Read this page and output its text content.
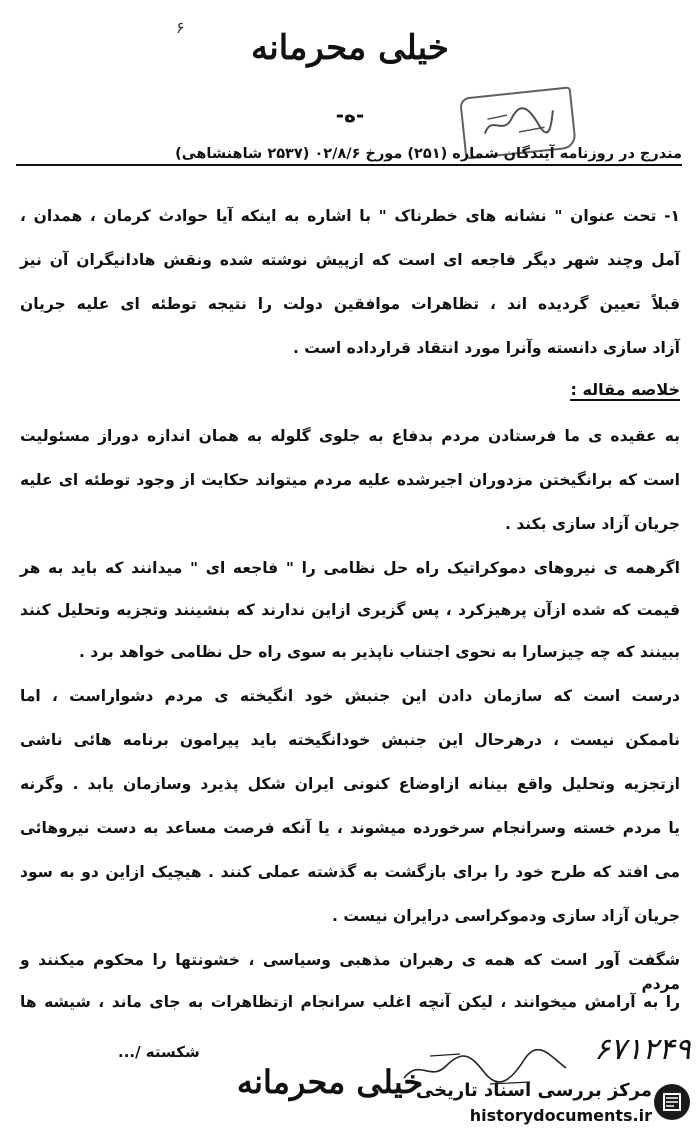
۶
خیلی محرمانه
-ه-
مندرج در روزنامه آیندگان شماره (۲۵۱) مورخ ۰۲/۸/۶ (۲۵۳۷ شاهنشاهی)
۱- تحت عنوان " نشانه های خطرناک " با اشاره به اینکه آیا حوادث کرمان ، همدان ،
آمل وچند شهر دیگر فاجعه ای است که ازپیش نوشته شده ونقش هادانیگران آن نیز
قبلاً تعیین گردیده اند ، تظاهرات موافقین دولت را نتیجه توطئه ای علیه جریان
آزاد سازی دانسته وآنرا مورد انتقاد قرارداده است .
خلاصه مقاله :
به عقیده ی ما فرستادن مردم بدفاع به جلوی گلوله به همان اندازه دوراز مسئولیت
است که برانگیختن مزدوران اجیرشده علیه مردم میتواند حکایت از وجود توطئه ای علیه
جریان آزاد سازی بکند .
اگرهمه ی نیروهای دموکراتیک راه حل نظامی را " فاجعه ای " میدانند که باید به هر
قیمت که شده ازآن پرهیزکرد ، پس گزیری ازاین ندارند که بنشینند وتجزیه وتحلیل کنند
ببینند که چه چیزسارا به نحوی اجتناب ناپذیر به سوی راه حل نظامی خواهد برد .
درست است که سازمان دادن این جنبش خود انگیخته ی مردم دشواراست ، اما
ناممکن نیست ، درهرحال این جنبش خودانگیخته باید پیرامون برنامه هائی ناشی
ازتجزیه وتحلیل واقع بینانه ازاوضاع کنونی ایران شکل پذیرد وسازمان یابد . وگرنه
یا مردم خسته وسرانجام سرخورده میشوند ، یا آنکه فرصت مساعد به دست نیروهائی
می افتد که طرح خود را برای بازگشت به گذشته عملی کنند . هیچیک ازاین دو به سود
جریان آزاد سازی ودموکراسی درایران نیست .
شگفت آور است که همه ی رهبران مذهبی وسیاسی ، خشونتها را محکوم میکنند و مردم
را به آرامش میخوانند ، لیکن آنچه اغلب سرانجام ازتظاهرات به جای ماند ، شیشه ها
شکسته /...	۶۷۱۲۴۹
خیلی محرمانه
مرکز بررسی اسناد تاریخی
historydocuments.ir
